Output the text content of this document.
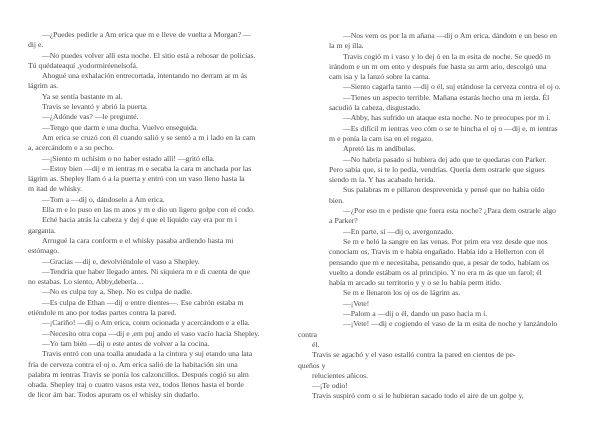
—¿Puedes pedirle a Am erica que m e lleve de vuelta a Morgan? —
dij e.
—No puedes volver allí esta noche. El sitio está a rebosar de policías.
Tú quédateaquí ,yodormiréenelsofá.
Ahogué una exhalación entrecortada, intentando no derram ar m ás
lágrim as.
Ya se sentía bastante m al.
Travis se levantó y abrió la puerta.
—¿Adónde vas? —le pregunté.
—Tengo que darm e una ducha. Vuelvo enseguida.
Am erica se cruzó con él cuando salió y se sentó a m i lado en la cam
a, acercándom e a su pecho.
—¡Siento m uchísim o no haber estado allí! —gritó ella.
—Estoy bien —dij e m ientras m e secaba la cara m anchada por las
lágrim as. Shepley llam ó a la puerta y entró con un vaso lleno hasta la
m itad de whisky.
—Tom a —dij o, dándoselo a Am erica.
Ella m e lo puso en las m anos y m e dio un ligero golpe con el codo.
Eché hacia atrás la cabeza y dej é que el líquido cay era por m i
garganta.
Arrugué la cara conform e el whisky pasaba ardiendo hasta mi
estómago.
—Gracias —dij e, devolviéndole el vaso a Shepley.
—Tendría que haber llegado antes. Ni siquiera m e di cuenta de que
no estabas. Lo siento, Abby,debería…
—No es culpa tuy a, Shep. No es culpa de nadie.
—Es culpa de Ethan —dij o entre dientes—. Ese cabrón estaba m
etiéndole m ano por todas partes contra la pared.
—¡Cariño! —dij o Am erica, conm ocionada y acercándom e a ella.
—Necesito otra copa —dij e ,em puj ando el vaso vacío hacia Shepley.
—Yo tam bién —dij o este antes de volver a la cocina.
Travis entró con una toalla anudada a la cintura y suj etando una lata
fría de cerveza contra el oj o. Am erica salió de la habitación sin una
palabra m ientras Travis se ponía los calzoncillos. Después cogió su alm
ohada. Shepley traj o cuatro vasos esta vez, todos llenos hasta el borde
de licor ám bar. Todos apuram os el whisky sin dudarlo.
—Nos vem os por la m añana —dij o Am erica, dándom e un beso en
la m ej illa.
Travis cogió m i vaso y lo dej ó en la m esita de noche. Se quedó m
irándom e un m om ento y después fue hasta su arm ario, descolgó una
cam isa y la lanzó sobre la cama.
—Siento cagarla tanto —dij o él, suj etándose la cerveza contra el oj o.
—Tienes un aspecto terrible. Mañana estarás hecho una m ierda. Él
sacudió la cabeza, disgustado.
—Abby, has sufrido un ataque esta noche. No te preocupes por m í.
—Es difícil m ientras veo cóm o se te hincha el oj o —dij e, m ientras
m e ponía la cam isa en el regazo.
Apretó las m andíbulas.
—No habría pasado si hubiera dej ado que te quedaras con Parker.
Pero sabía que, si te lo pedía, vendrías. Quería dem ostrarle que sigues
siendo m ía. Y has acabado herida.
Sus palabras m e pillaron desprevenida y pensé que no había oído
bien.
—¿Por eso m e pediste que fuera esta noche? ¿Para dem ostrarle algo
a Parker?
—En parte, sí —dij o, avergonzado.
Se m e heló la sangre en las venas. Por prim era vez desde que nos
conocíam os, Travis m e había engañado. Había ido a Hellerton con él
pensando que m e necesitaba, pensando que, a pesar de todo, habíam os
vuelto a donde estábam os al principio. Y no era m ás que un farol; él
había m arcado su territorio y y o se lo había perm itido.
Se m e llenaron los oj os de lágrim as.
—¡Vete!
—Palom a —dij o él, dando un paso hacia m í.
—¡Vete! —dij e cogiendo el vaso de la m esita de noche y lanzándolo
contra
él.
Travis se agachó y el vaso estalló contra la pared en cientos de pe-
queños y
relucientes añicos.
—¡Te odio!
Travis suspiró com o si le hubieran sacado todo el aire de un golpe y,
